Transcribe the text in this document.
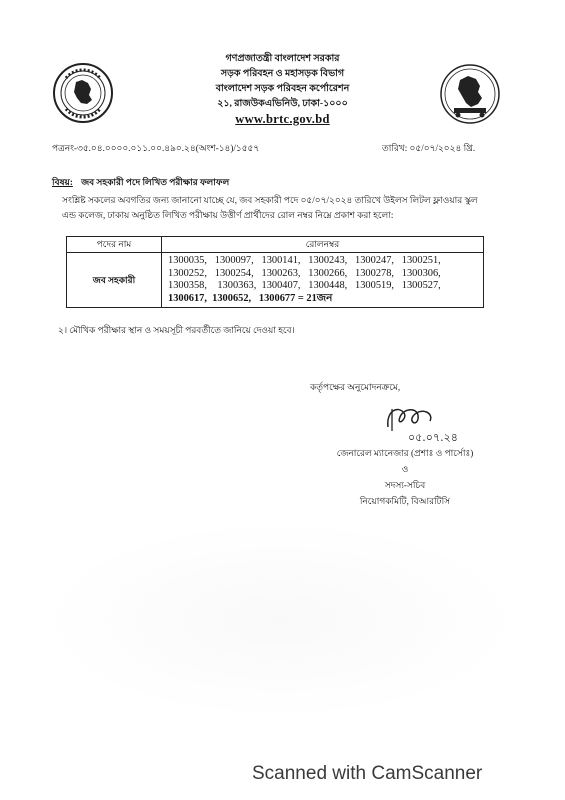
গণপ্রজাতন্ত্রী বাংলাদেশ সরকার
সড়ক পরিবহন ও মহাসড়ক বিভাগ
বাংলাদেশ সড়ক পরিবহন কর্পোরেশন
২১, রাজউকএভিনিউ, ঢাকা-১০০০
www.brtc.gov.bd
পত্রনং-৩৫.০৪.০০০০.০১১.০০.৪৯০.২৪(অংশ-১৪)/১৫৫৭	তারিখ: ০৫/০৭/২০২৪ খ্রি.
বিষয়: জব সহকারী পদে লিখিত পরীক্ষার ফলাফল
সংশ্লিষ্ট সকলের অবগতির জন্য জানানো যাচ্ছে যে, জব সহকারী পদে ০৫/০৭/২০২৪ তারিখে উইলস লিটল ফ্লাওয়ার স্কুল এন্ড কলেজ, ঢাকায় অনুষ্ঠিত লিখিত পরীক্ষায় উত্তীর্ণ প্রার্থীদের রোল নম্বর নিম্নে প্রকাশ করা হলো:
পদের নাম	রোলনম্বর
জব সহকারী	1300035,   1300097,   1300141,   1300243,   1300247,   1300251,
1300252,   1300254,   1300263,   1300266,   1300278,   1300306,
1300358,    1300363,  1300407,   1300448,   1300519,   1300527,
1300617,  1300652,   1300677 = 21জন
২। মৌখিক পরীক্ষার স্থান ও সময়সূচী পরবর্তীতে জানিয়ে দেওয়া হবে।
কর্তৃপক্ষের অনুমোদনক্রমে,
০৫.০৭.২৪
জেনারেল ম্যানেজার (প্রশাঃ ও পার্সোঃ)
ও
সদস্য-সচিব
নিয়োগকমিটি, বিআরটিসি
Scanned with CamScanner
